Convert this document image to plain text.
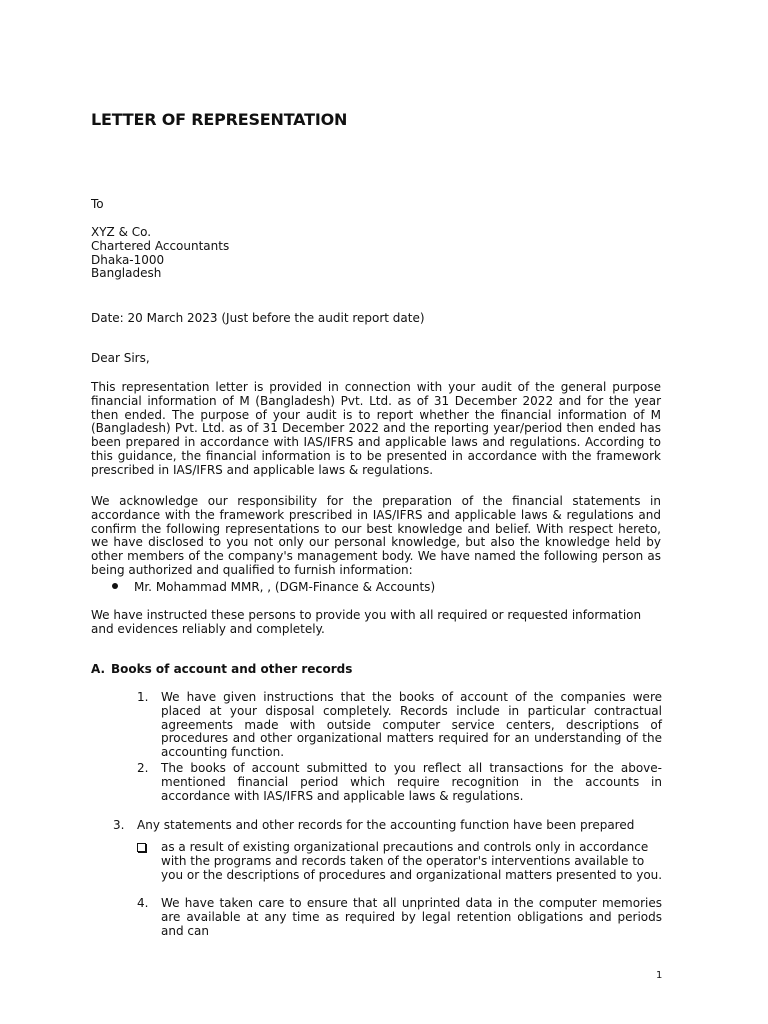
LETTER OF REPRESENTATION
To
XYZ & Co.
Chartered Accountants
Dhaka-1000
Bangladesh
Date: 20 March 2023 (Just before the audit report date)
Dear Sirs,

This representation letter is provided in connection with your audit of the general purpose financial information of M (Bangladesh) Pvt. Ltd. as of 31 December 2022 and for the year then ended. The purpose of your audit is to report whether the financial information of M (Bangladesh) Pvt. Ltd. as of 31 December 2022 and the reporting year/period then ended has been prepared in accordance with IAS/IFRS and applicable laws and regulations. According to this guidance, the financial information is to be presented in accordance with the framework prescribed in IAS/IFRS and applicable laws & regulations.

We acknowledge our responsibility for the preparation of the financial statements in accordance with the framework prescribed in IAS/IFRS and applicable laws & regulations and confirm the following representations to our best knowledge and belief. With respect hereto, we have disclosed to you not only our personal knowledge, but also the knowledge held by other members of the company's management body. We have named the following person as being authorized and qualified to furnish information:

Mr. Mohammad MMR, , (DGM-Finance & Accounts)

We have instructed these persons to provide you with all required or requested information and evidences reliably and completely.

A. Books of account and other records
1.	We have given instructions that the books of account of the companies were placed at your disposal completely. Records include in particular contractual agreements made with outside computer service centers, descriptions of procedures and other organizational matters required for an understanding of the accounting function.
2.	The books of account submitted to you reflect all transactions for the above-mentioned financial period which require recognition in the accounts in accordance with IAS/IFRS and applicable laws & regulations.
3.	Any statements and other records for the accounting function have been prepared
as a result of existing organizational precautions and controls only in accordance with the programs and records taken of the operator's interventions available to you or the descriptions of procedures and organizational matters presented to you.
4.	We have taken care to ensure that all unprinted data in the computer memories are available at any time as required by legal retention obligations and periods and can
1
